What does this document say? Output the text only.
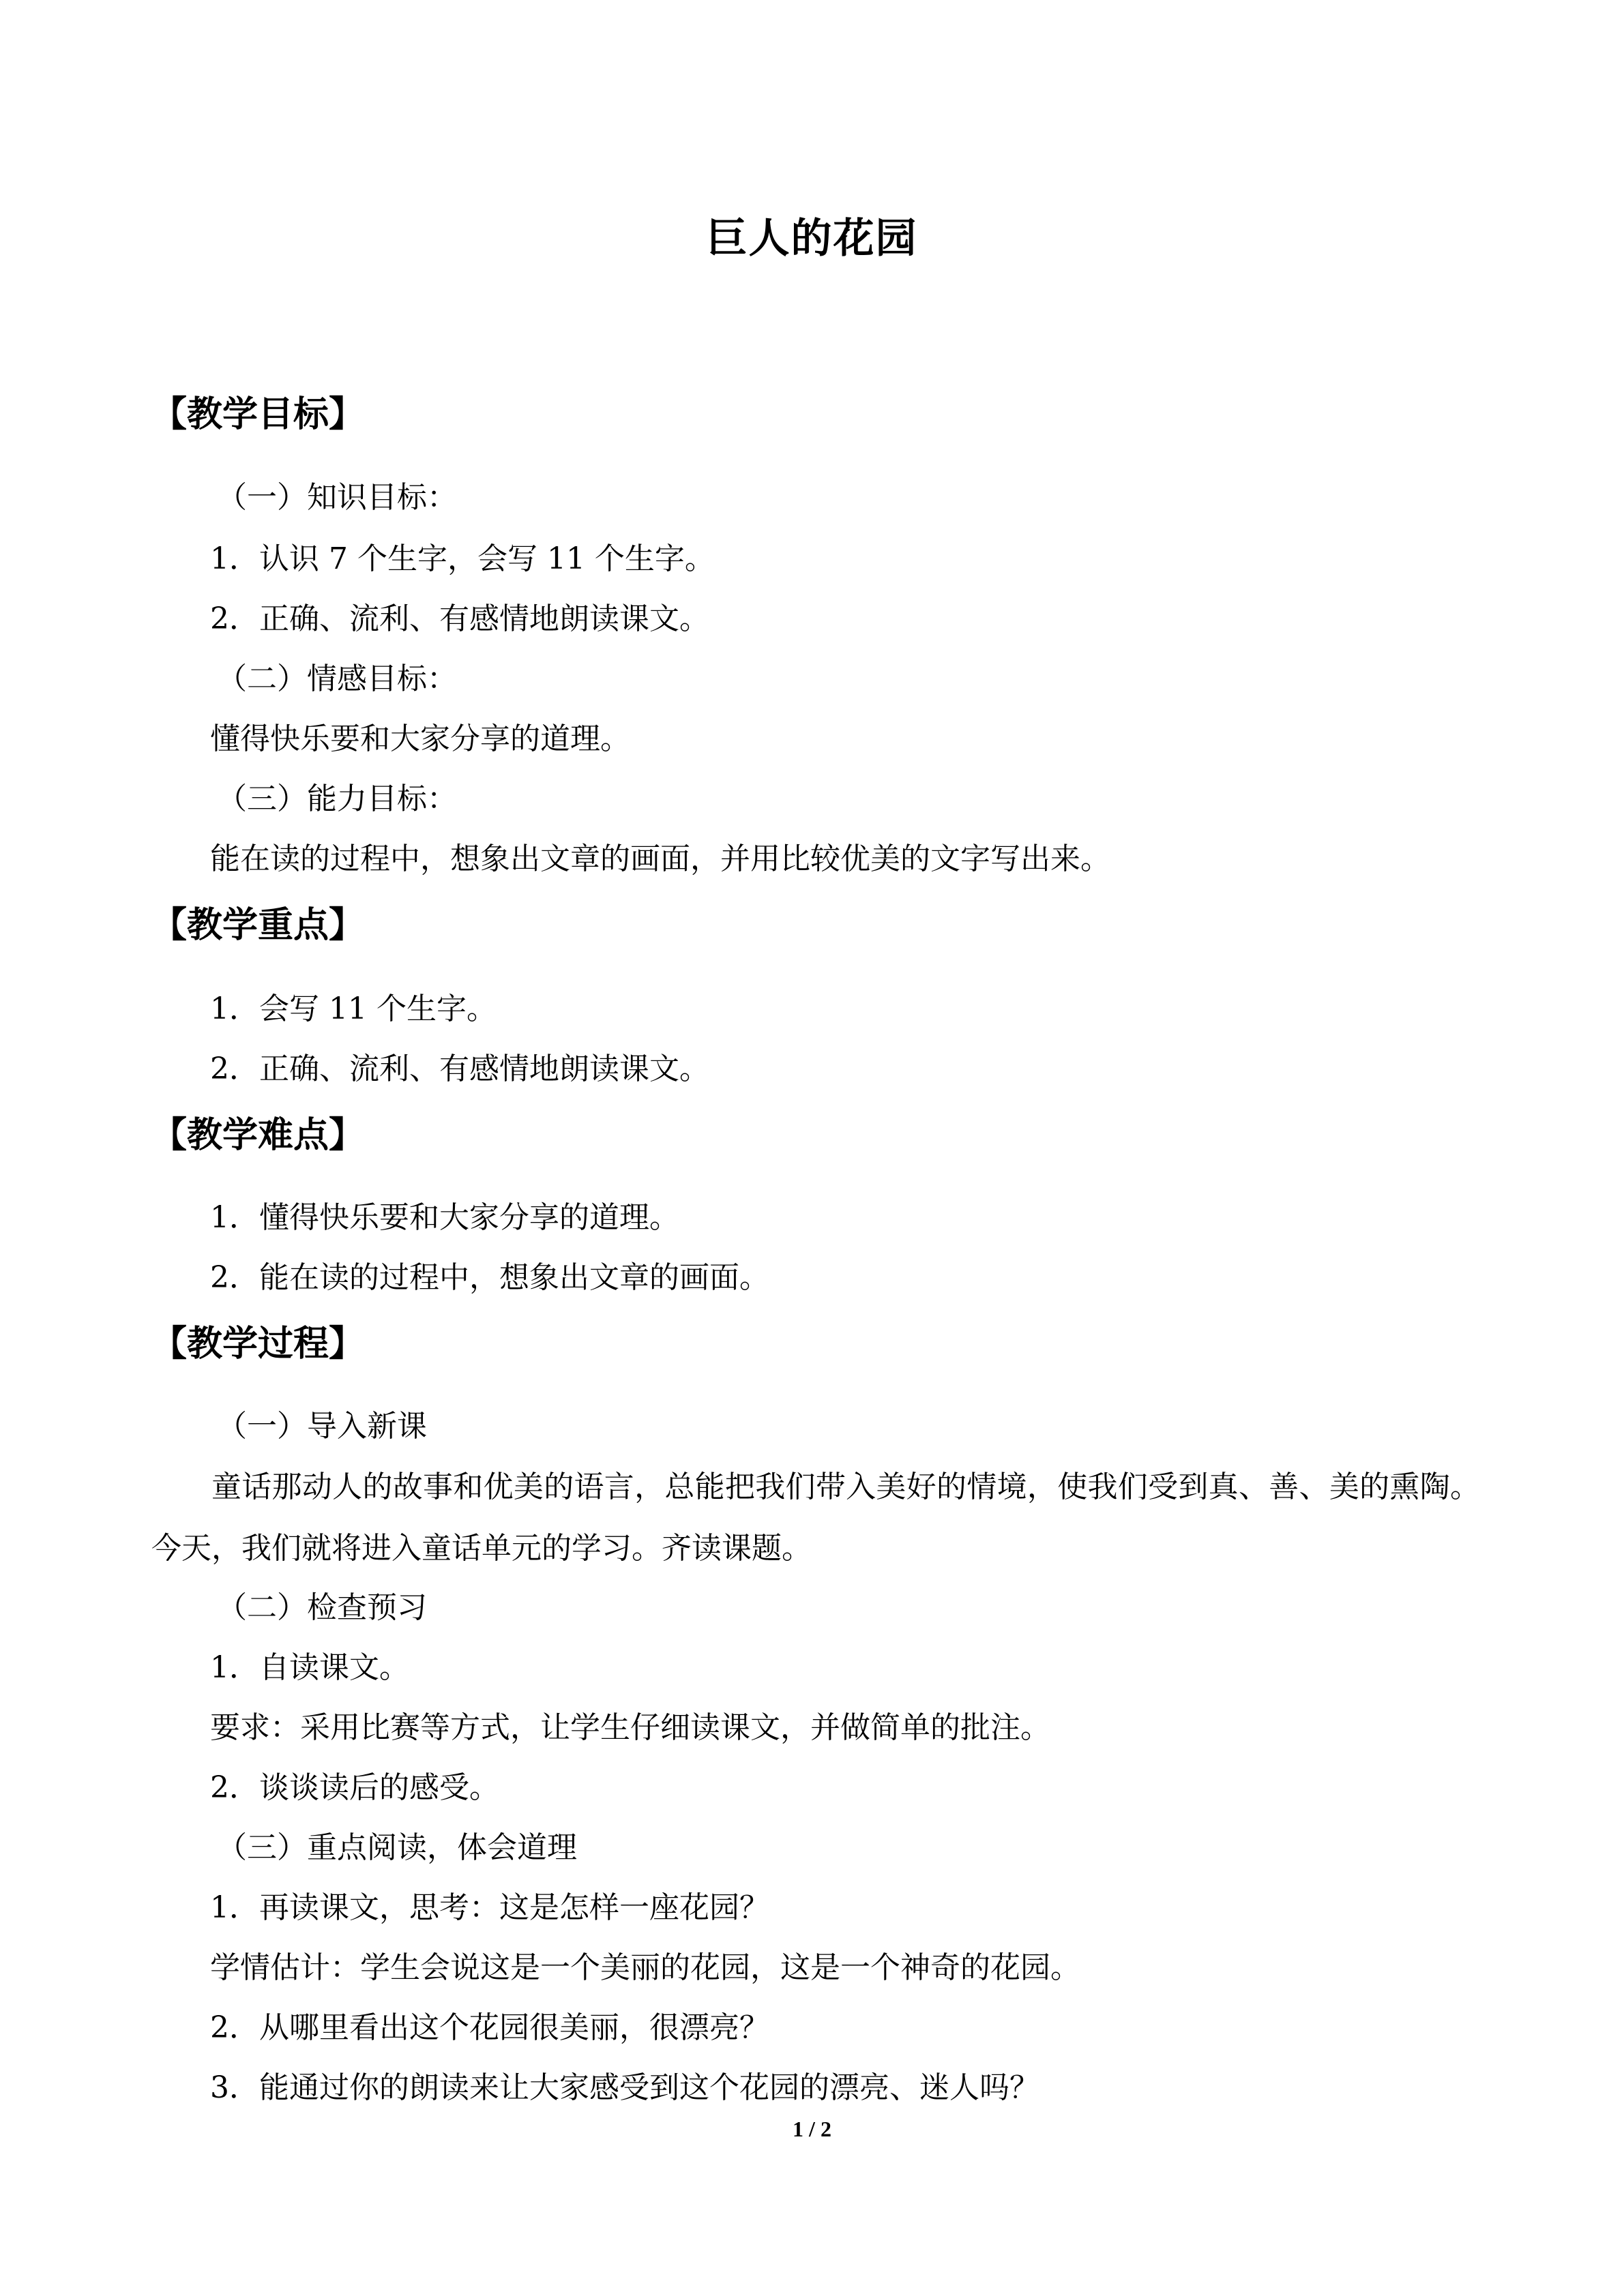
巨人的花园
【教学目标】
（一）知识目标：
1．认识 7 个生字，会写 11 个生字。
2．正确、流利、有感情地朗读课文。
（二）情感目标：
懂得快乐要和大家分享的道理。
（三）能力目标：
能在读的过程中，想象出文章的画面，并用比较优美的文字写出来。
【教学重点】
1．会写 11 个生字。
2．正确、流利、有感情地朗读课文。
【教学难点】
1．懂得快乐要和大家分享的道理。
2．能在读的过程中，想象出文章的画面。
【教学过程】
（一）导入新课
童话那动人的故事和优美的语言，总能把我们带入美好的情境，使我们受到真、善、美的熏陶。今天，我们就将进入童话单元的学习。齐读课题。
（二）检查预习
1．自读课文。
要求：采用比赛等方式，让学生仔细读课文，并做简单的批注。
2．谈谈读后的感受。
（三）重点阅读，体会道理
1．再读课文，思考：这是怎样一座花园？
学情估计：学生会说这是一个美丽的花园，这是一个神奇的花园。
2．从哪里看出这个花园很美丽，很漂亮？
3．能通过你的朗读来让大家感受到这个花园的漂亮、迷人吗？
1 / 2
